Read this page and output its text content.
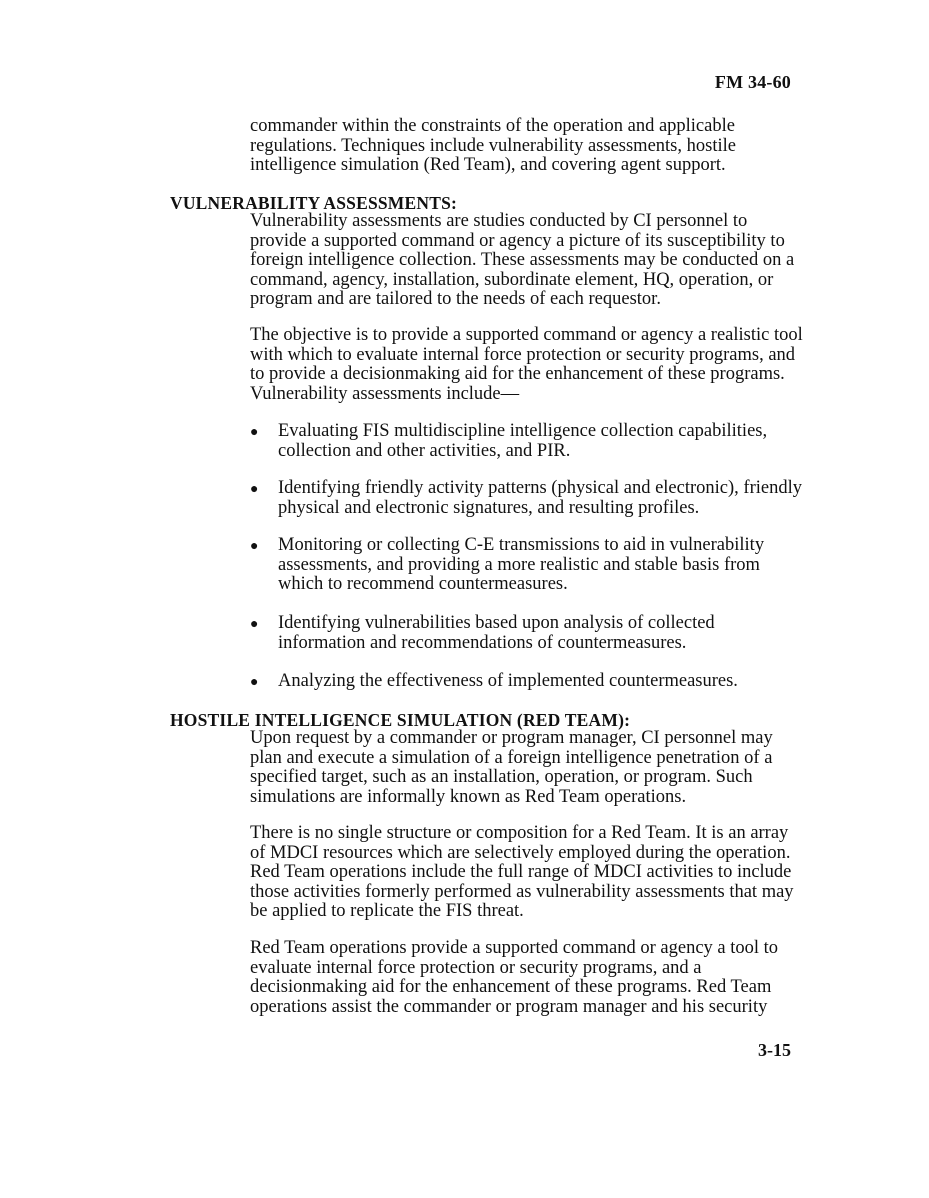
FM 34-60

commander within the constraints of the operation and applicable regulations. Techniques include vulnerability assessments, hostile intelligence simulation (Red Team), and covering agent support.

VULNERABILITY ASSESSMENTS:

Vulnerability assessments are studies conducted by CI personnel to provide a supported command or agency a picture of its susceptibility to foreign intelligence collection. These assessments may be conducted on a command, agency, installation, subordinate element, HQ, operation, or program and are tailored to the needs of each requestor.

The objective is to provide a supported command or agency a realistic tool with which to evaluate internal force protection or security programs, and to provide a decisionmaking aid for the enhancement of these programs. Vulnerability assessments include—

●	Evaluating FIS multidiscipline intelligence collection capabilities, collection and other activities, and PIR.
●	Identifying friendly activity patterns (physical and electronic), friendly physical and electronic signatures, and resulting profiles.
●	Monitoring or collecting C-E transmissions to aid in vulnerability assessments, and providing a more realistic and stable basis from which to recommend countermeasures.
●	Identifying vulnerabilities based upon analysis of collected information and recommendations of countermeasures.
●	Analyzing the effectiveness of implemented countermeasures.
HOSTILE INTELLIGENCE SIMULATION (RED TEAM):

Upon request by a commander or program manager, CI personnel may plan and execute a simulation of a foreign intelligence penetration of a specified target, such as an installation, operation, or program. Such simulations are informally known as Red Team operations.

There is no single structure or composition for a Red Team. It is an array of MDCI resources which are selectively employed during the operation. Red Team operations include the full range of MDCI activities to include those activities formerly performed as vulnerability assessments that may be applied to replicate the FIS threat.

Red Team operations provide a supported command or agency a tool to evaluate internal force protection or security programs, and a decisionmaking aid for the enhancement of these programs. Red Team operations assist the commander or program manager and his security

3-15
